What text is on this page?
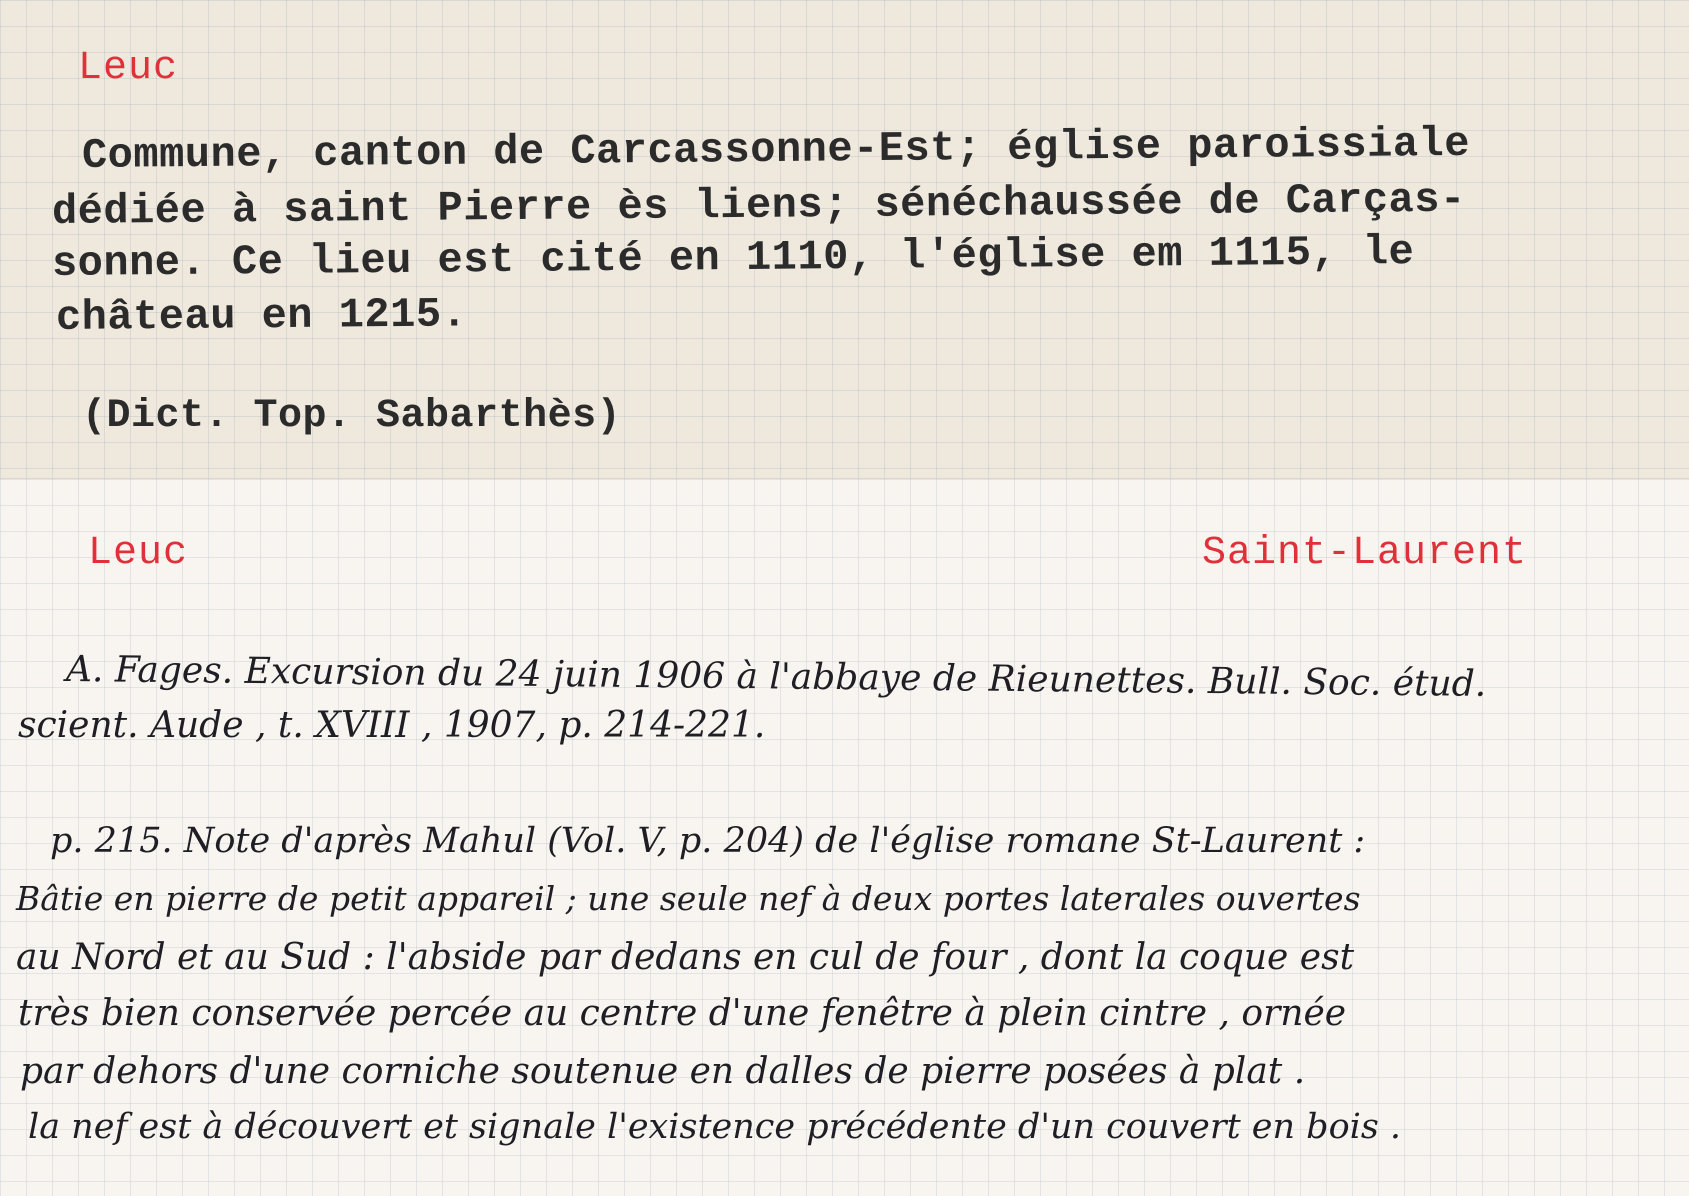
Leuc
Commune, canton de Carcassonne-Est; église paroissiale
dédiée à saint Pierre ès liens; sénéchaussée de Carças-
sonne. Ce lieu est cité en 1110, l'église em 1115, le
château en 1215.
(Dict. Top. Sabarthès)
Leuc	Saint-Laurent
A. Fages. Excursion du 24 juin 1906 à l'abbaye de Rieunettes. Bull. Soc. étud.
scient. Aude , t. XVIII , 1907, p. 214-221.
p. 215. Note d'après Mahul (Vol. V, p. 204) de l'église romane St-Laurent :
Bâtie en pierre de petit appareil ; une seule nef à deux portes laterales ouvertes
au Nord et au Sud : l'abside par dedans en cul de four , dont la coque est
très bien conservée percée au centre d'une fenêtre à plein cintre , ornée
par dehors d'une corniche soutenue en dalles de pierre posées à plat .
la nef est à découvert et signale l'existence précédente d'un couvert en bois .
